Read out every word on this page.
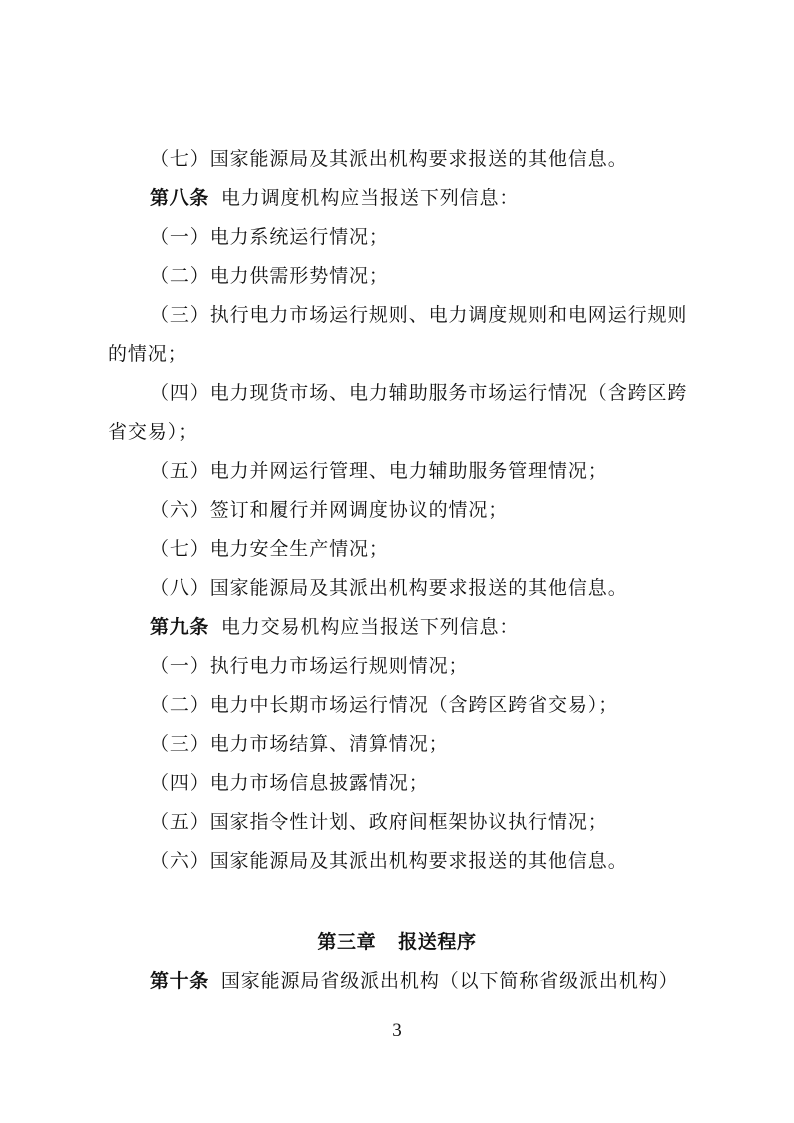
（七）国家能源局及其派出机构要求报送的其他信息。
第八条 电力调度机构应当报送下列信息：
（一）电力系统运行情况；
（二）电力供需形势情况；
（三）执行电力市场运行规则、电力调度规则和电网运行规则
的情况；
（四）电力现货市场、电力辅助服务市场运行情况（含跨区跨
省交易）；
（五）电力并网运行管理、电力辅助服务管理情况；
（六）签订和履行并网调度协议的情况；
（七）电力安全生产情况；
（八）国家能源局及其派出机构要求报送的其他信息。
第九条 电力交易机构应当报送下列信息：
（一）执行电力市场运行规则情况；
（二）电力中长期市场运行情况（含跨区跨省交易）；
（三）电力市场结算、清算情况；
（四）电力市场信息披露情况；
（五）国家指令性计划、政府间框架协议执行情况；
（六）国家能源局及其派出机构要求报送的其他信息。
第三章 报送程序
第十条 国家能源局省级派出机构（以下简称省级派出机构）
3
